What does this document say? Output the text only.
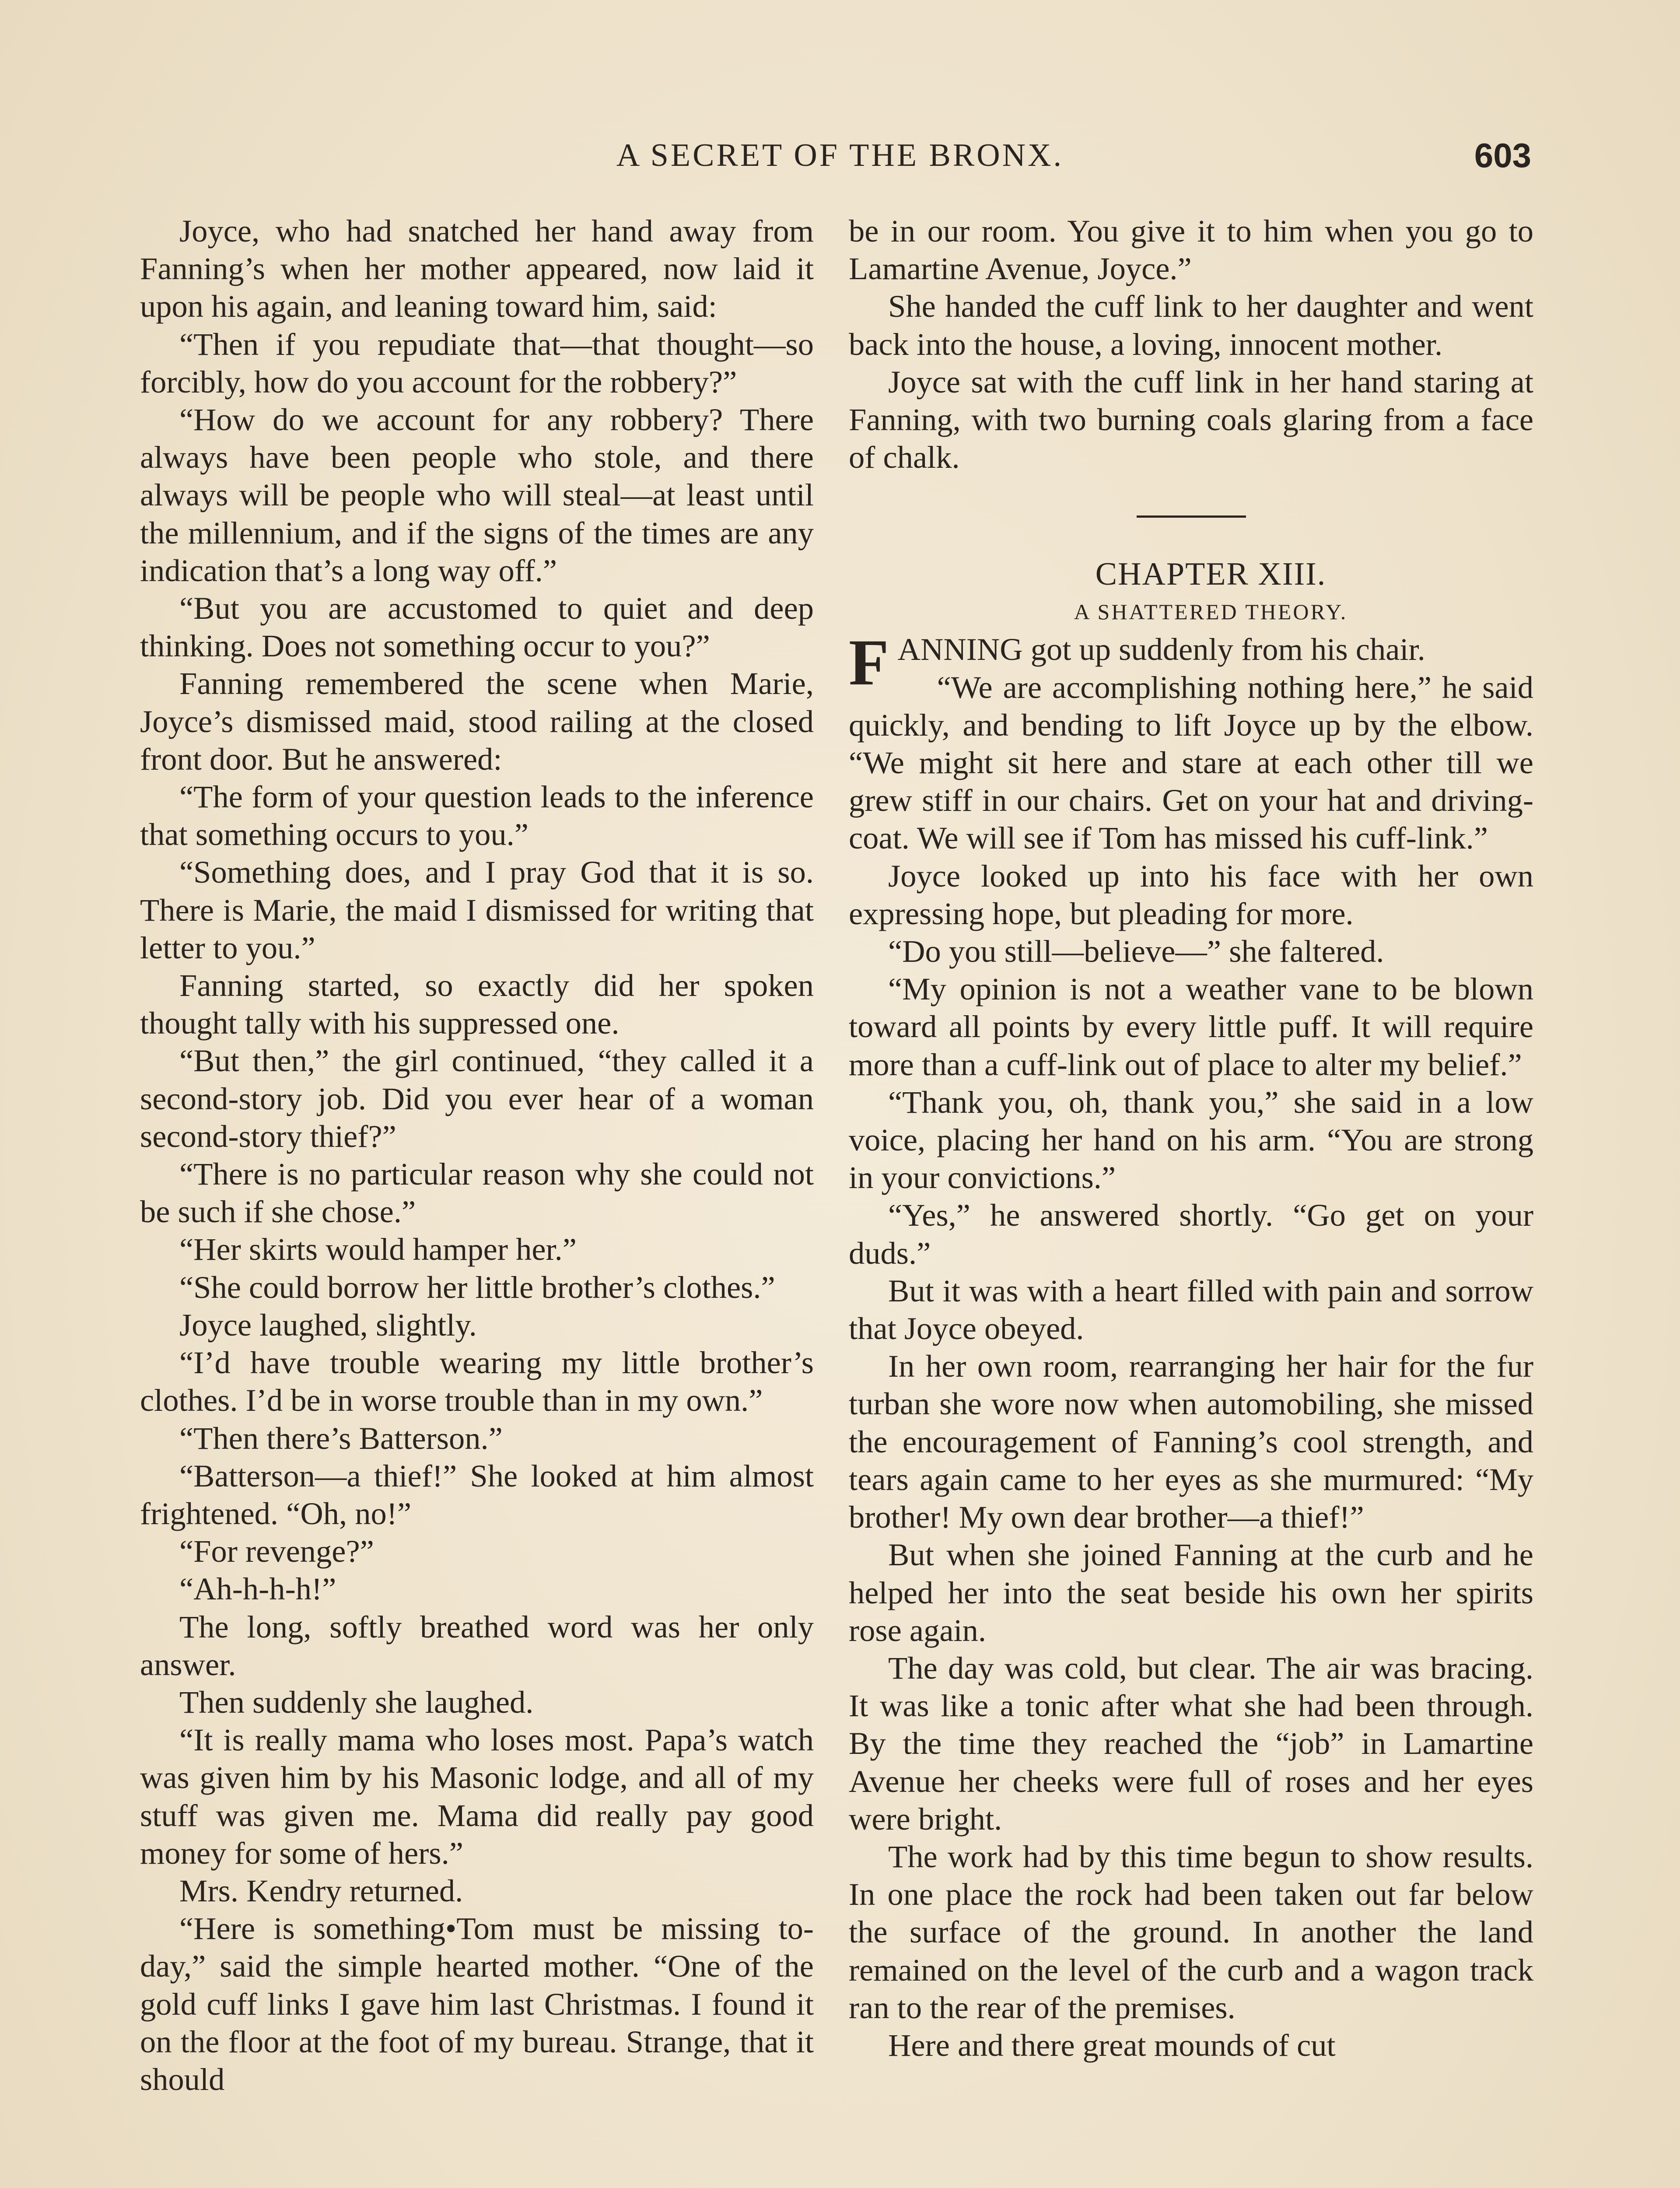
A SECRET OF THE BRONX.	603

Joyce, who had snatched her hand away from Fanning’s when her mother appeared, now laid it upon his again, and leaning toward him, said:

“Then if you repudiate that—that thought—so forcibly, how do you account for the robbery?”

“How do we account for any robbery? There always have been people who stole, and there always will be people who will steal—at least until the millennium, and if the signs of the times are any indication that’s a long way off.”

“But you are accustomed to quiet and deep thinking. Does not something occur to you?”

Fanning remembered the scene when Marie, Joyce’s dismissed maid, stood railing at the closed front door. But he answered:

“The form of your question leads to the inference that something occurs to you.”

“Something does, and I pray God that it is so. There is Marie, the maid I dismissed for writing that letter to you.”

Fanning started, so exactly did her spoken thought tally with his suppressed one.

“But then,” the girl continued, “they called it a second-story job. Did you ever hear of a woman second-story thief?”

“There is no particular reason why she could not be such if she chose.”

“Her skirts would hamper her.”

“She could borrow her little brother’s clothes.”

Joyce laughed, slightly.

“I’d have trouble wearing my little brother’s clothes. I’d be in worse trouble than in my own.”

“Then there’s Batterson.”

“Batterson—a thief!” She looked at him almost frightened. “Oh, no!”

“For revenge?”

“Ah-h-h-h!”

The long, softly breathed word was her only answer.

Then suddenly she laughed.

“It is really mama who loses most. Papa’s watch was given him by his Masonic lodge, and all of my stuff was given me. Mama did really pay good money for some of hers.”

Mrs. Kendry returned.

“Here is something•Tom must be missing to-day,” said the simple hearted mother. “One of the gold cuff links I gave him last Christmas. I found it on the floor at the foot of my bureau. Strange, that it should

be in our room. You give it to him when you go to Lamartine Avenue, Joyce.”

She handed the cuff link to her daughter and went back into the house, a loving, innocent mother.

Joyce sat with the cuff link in her hand staring at Fanning, with two burning coals glaring from a face of chalk.

CHAPTER XIII.

A SHATTERED THEORY.

FANNING got up suddenly from his chair.

“We are accomplishing nothing here,” he said quickly, and bending to lift Joyce up by the elbow. “We might sit here and stare at each other till we grew stiff in our chairs. Get on your hat and driving-coat. We will see if Tom has missed his cuff-link.”

Joyce looked up into his face with her own expressing hope, but pleading for more.

“Do you still—believe—” she faltered.

“My opinion is not a weather vane to be blown toward all points by every little puff. It will require more than a cuff-link out of place to alter my belief.”

“Thank you, oh, thank you,” she said in a low voice, placing her hand on his arm. “You are strong in your convictions.”

“Yes,” he answered shortly. “Go get on your duds.”

But it was with a heart filled with pain and sorrow that Joyce obeyed.

In her own room, rearranging her hair for the fur turban she wore now when automobiling, she missed the encouragement of Fanning’s cool strength, and tears again came to her eyes as she murmured: “My brother! My own dear brother—a thief!”

But when she joined Fanning at the curb and he helped her into the seat beside his own her spirits rose again.

The day was cold, but clear. The air was bracing. It was like a tonic after what she had been through. By the time they reached the “job” in Lamartine Avenue her cheeks were full of roses and her eyes were bright.

The work had by this time begun to show results. In one place the rock had been taken out far below the surface of the ground. In another the land remained on the level of the curb and a wagon track ran to the rear of the premises.

Here and there great mounds of cut
